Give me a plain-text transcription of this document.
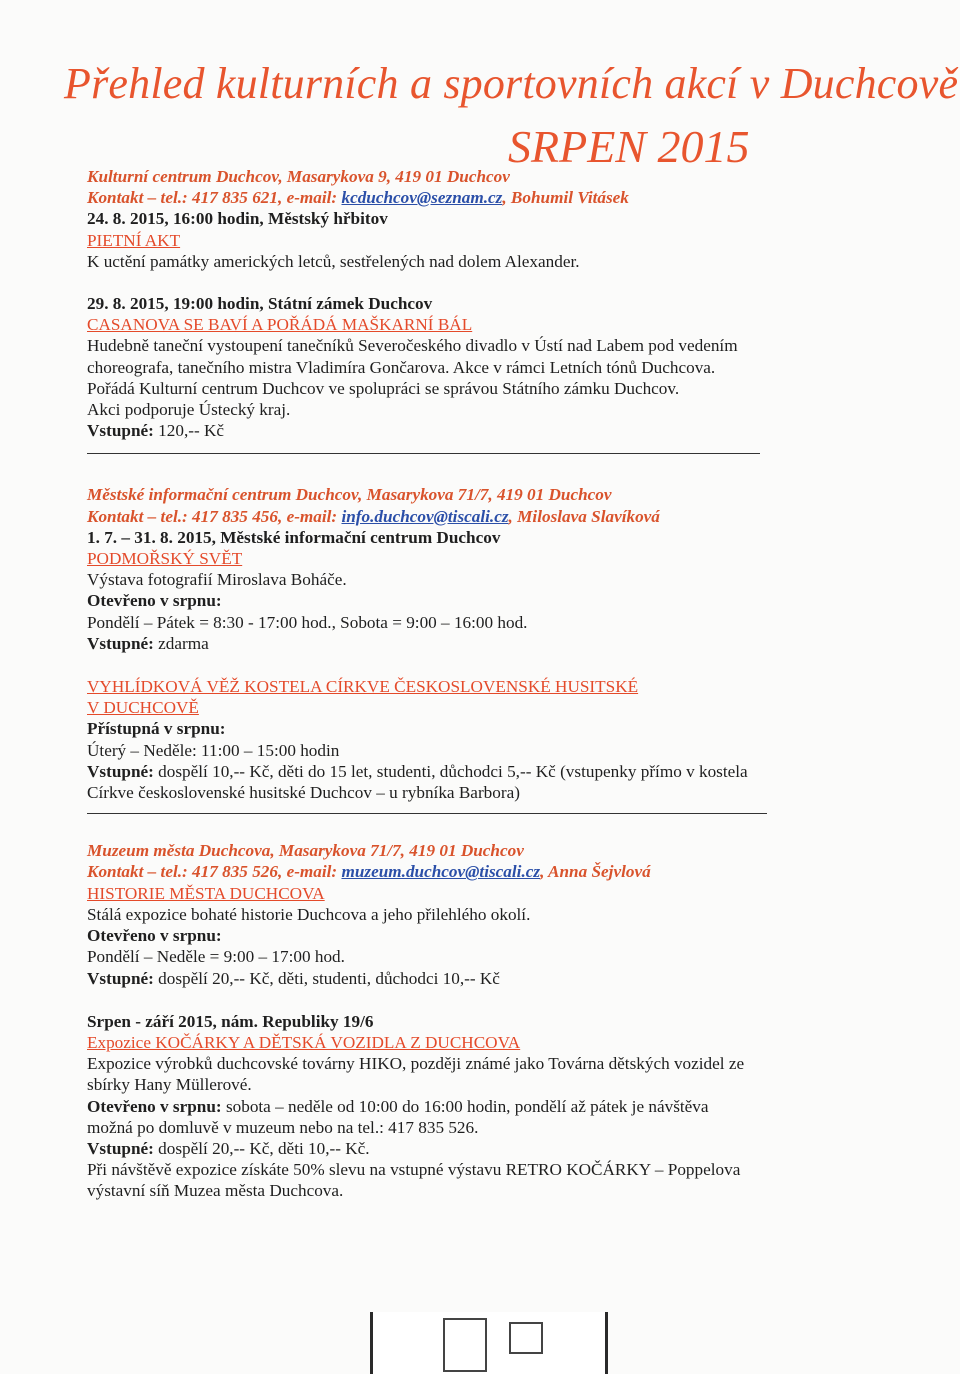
Přehled kulturních a sportovních akcí v Duchcově
SRPEN 2015

Kulturní centrum Duchcov, Masarykova 9, 419 01 Duchcov

Kontakt – tel.: 417 835 621, e-mail: kcduchcov@seznam.cz, Bohumil Vitásek

24. 8. 2015, 16:00 hodin, Městský hřbitov

PIETNÍ AKT

K uctění památky amerických letců, sestřelených nad dolem Alexander.

29. 8. 2015, 19:00 hodin, Státní zámek Duchcov

CASANOVA SE BAVÍ A POŘÁDÁ MAŠKARNÍ BÁL

Hudebně taneční vystoupení tanečníků Severočeského divadlo v Ústí nad Labem pod vedením

choreografa, tanečního mistra Vladimíra Gončarova. Akce v rámci Letních tónů Duchcova.

Pořádá Kulturní centrum Duchcov ve spolupráci se správou Státního zámku Duchcov.

Akci podporuje Ústecký kraj.

Vstupné: 120,-- Kč

Městské informační centrum Duchcov, Masarykova 71/7, 419 01 Duchcov

Kontakt – tel.: 417 835 456, e-mail: info.duchcov@tiscali.cz, Miloslava Slavíková

1. 7. – 31. 8. 2015, Městské informační centrum Duchcov

PODMOŘSKÝ SVĚT

Výstava fotografií Miroslava Boháče.

Otevřeno v srpnu:

Pondělí – Pátek = 8:30 - 17:00 hod., Sobota = 9:00 – 16:00 hod.

Vstupné: zdarma

VYHLÍDKOVÁ VĚŽ KOSTELA CÍRKVE ČESKOSLOVENSKÉ HUSITSKÉ

V DUCHCOVĚ

Přístupná v srpnu:

Úterý – Neděle: 11:00 – 15:00 hodin

Vstupné: dospělí 10,-- Kč, děti do 15 let, studenti, důchodci 5,-- Kč (vstupenky přímo v kostela

Církve československé husitské Duchcov – u rybníka Barbora)

Muzeum města Duchcova, Masarykova 71/7, 419 01 Duchcov

Kontakt – tel.: 417 835 526, e-mail: muzeum.duchcov@tiscali.cz, Anna Šejvlová

HISTORIE MĚSTA DUCHCOVA

Stálá expozice bohaté historie Duchcova a jeho přilehlého okolí.

Otevřeno v srpnu:

Pondělí – Neděle = 9:00 – 17:00 hod.

Vstupné: dospělí 20,-- Kč, děti, studenti, důchodci 10,-- Kč

Srpen - září 2015, nám. Republiky 19/6

Expozice KOČÁRKY A DĚTSKÁ VOZIDLA Z DUCHCOVA

Expozice výrobků duchcovské továrny HIKO, později známé jako Továrna dětských vozidel ze

sbírky Hany Müllerové.

Otevřeno v srpnu: sobota – neděle od 10:00 do 16:00 hodin, pondělí až pátek je návštěva

možná po domluvě v muzeum nebo na tel.: 417 835 526.

Vstupné: dospělí 20,-- Kč, děti 10,-- Kč.

Při návštěvě expozice získáte 50% slevu na vstupné výstavu RETRO KOČÁRKY – Poppelova

výstavní síň Muzea města Duchcova.
